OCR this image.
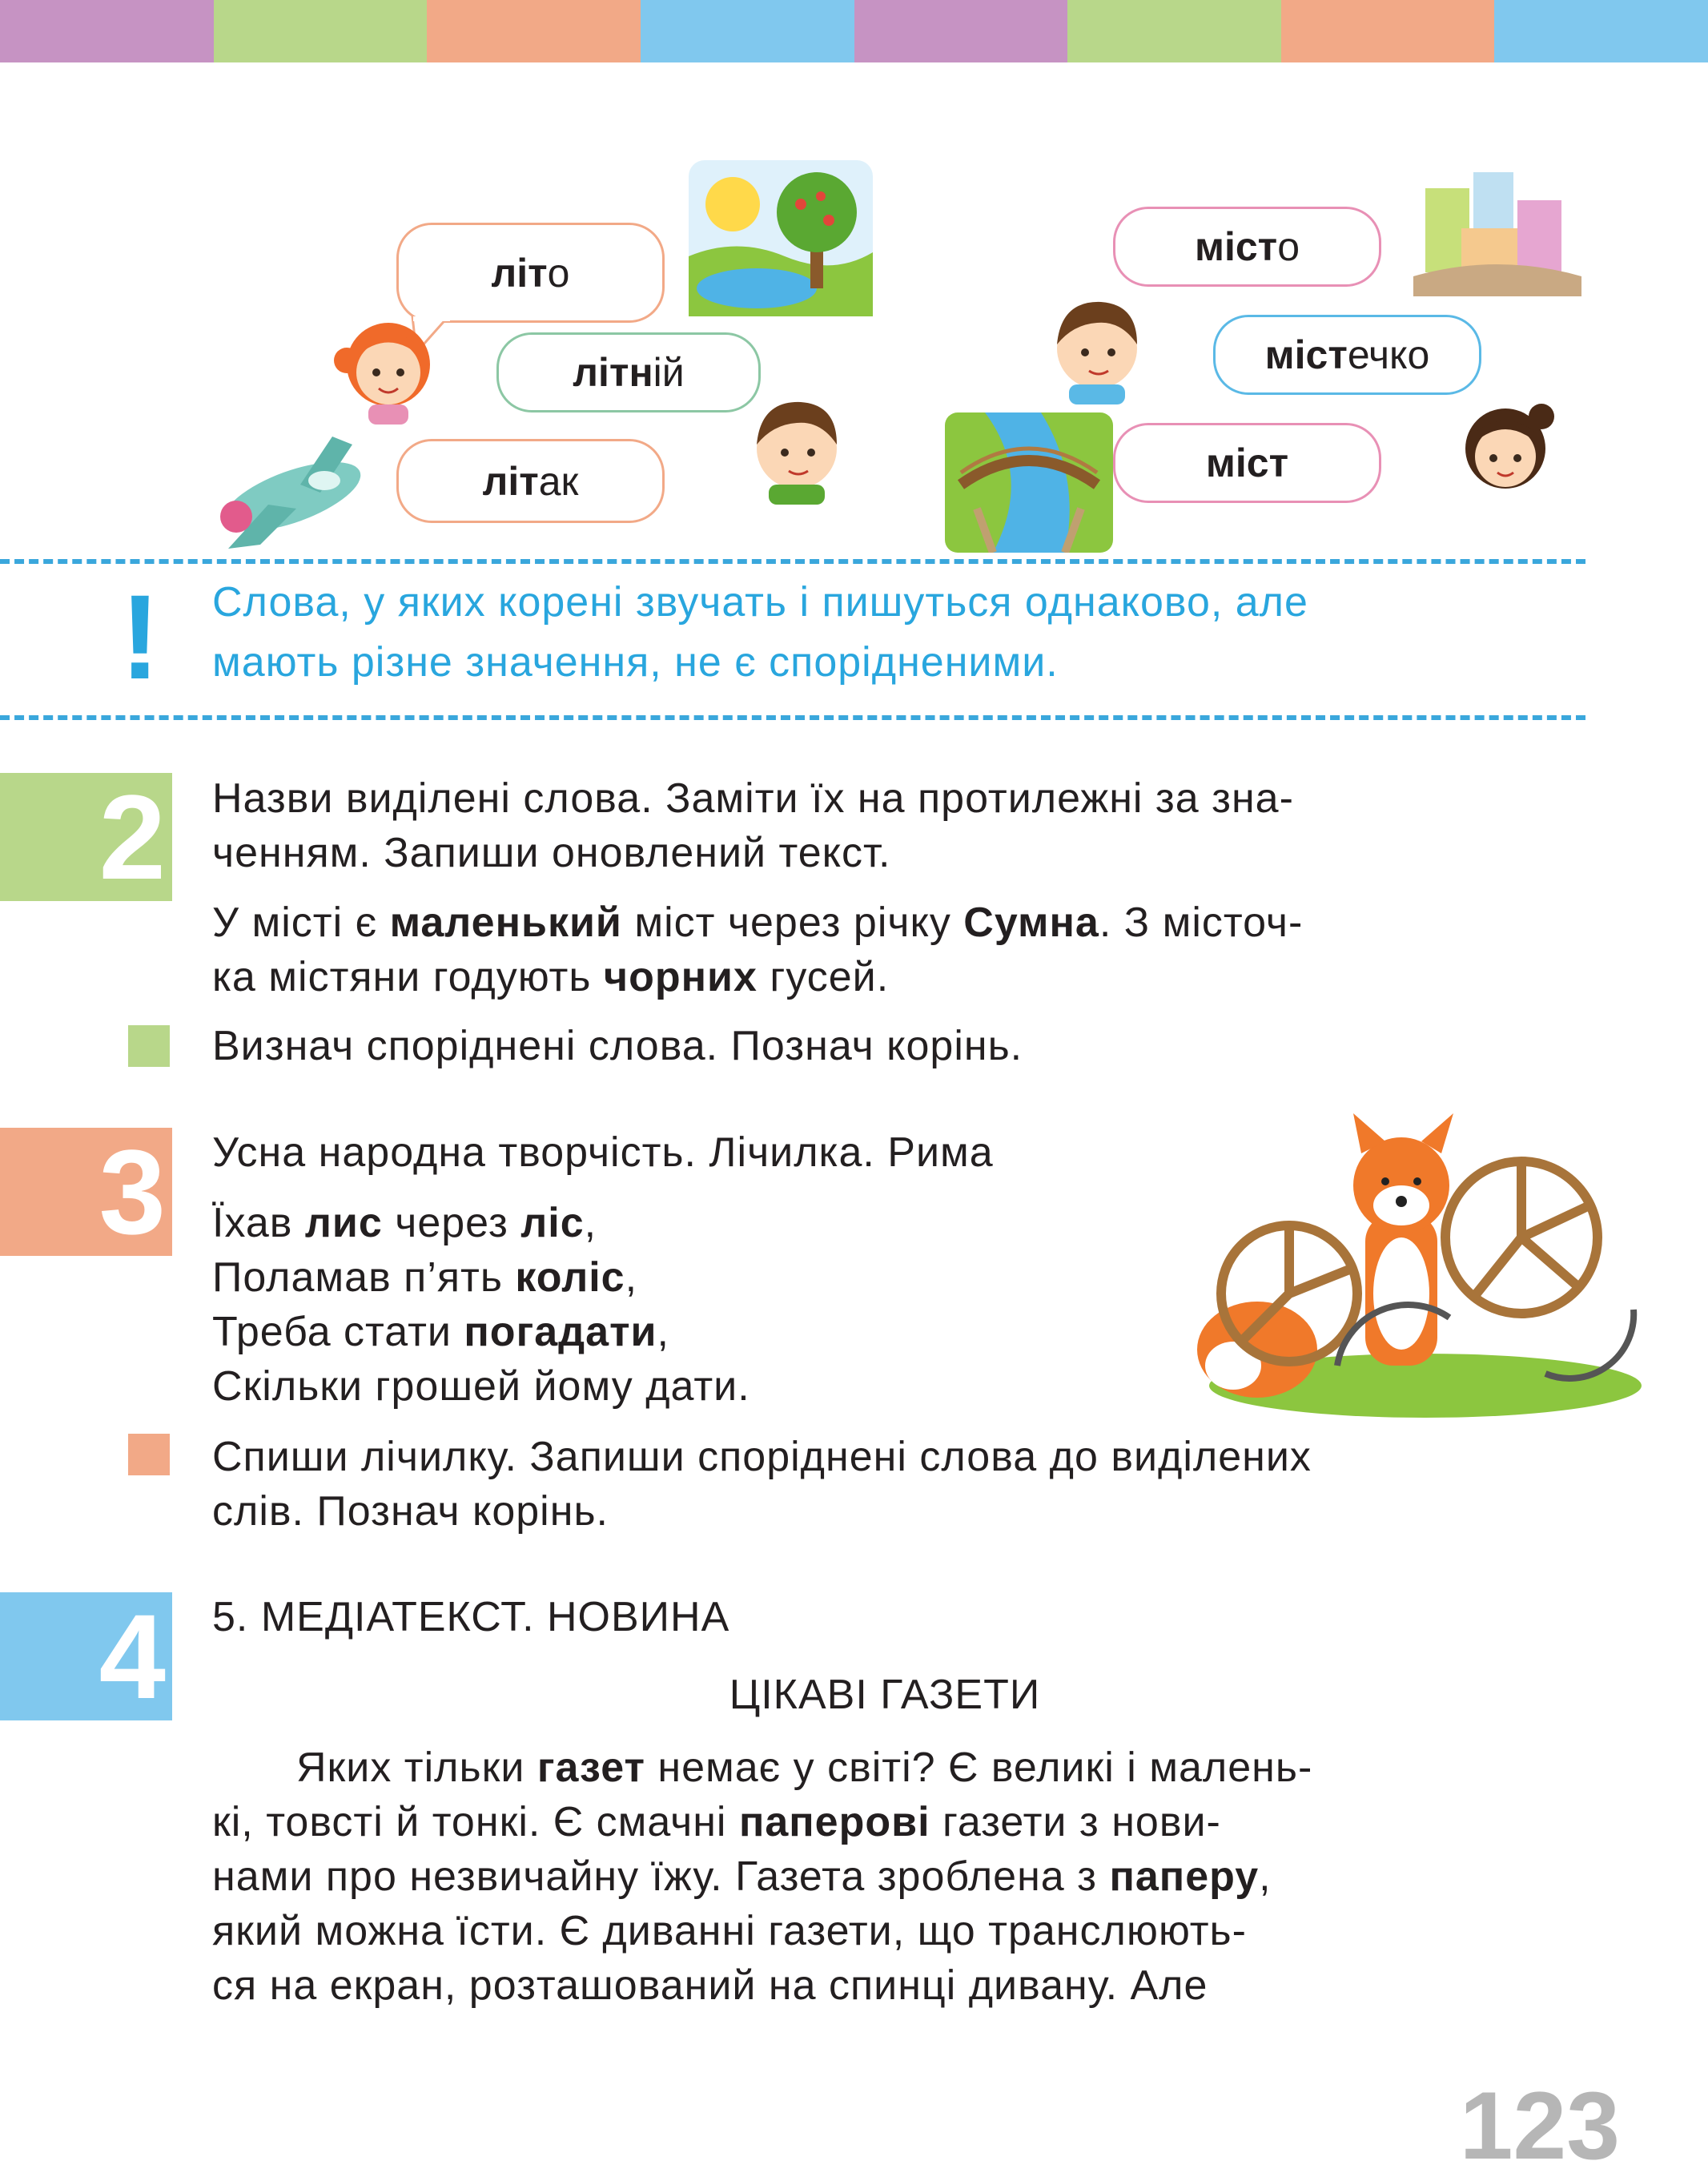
літ о
літн ій
літ ак
міст о
міст ечко
міст
! Слова, у яких корені звучать і пишуться однаково, але
мають різне значення, не є спорідненими.
2 Назви виділені слова. Заміти їх на протилежні за зна-
ченням. Запиши оновлений текст.
У місті є маленький міст через річку Сумна. З місточ-
ка містяни годують чорних гусей.
Визнач споріднені слова. Познач корінь.
3 Усна народна творчість. Лічилка. Рима
Їхав лис через ліс,
Поламав п’ять коліс,
Треба стати погадати,
Скільки грошей йому дати.
Спиши лічилку. Запиши споріднені слова до виділених
слів. Познач корінь.
4 5. МЕДІАТЕКСТ. НОВИНА
ЦІКАВІ ГАЗЕТИ
Яких тільки газет немає у світі? Є великі і малень-
кі, товсті й тонкі. Є смачні паперові газети з нови-
нами про незвичайну їжу. Газета зроблена з паперу,
який можна їсти. Є диванні газети, що транслюють-
ся на екран, розташований на спинці дивану. Але
123
